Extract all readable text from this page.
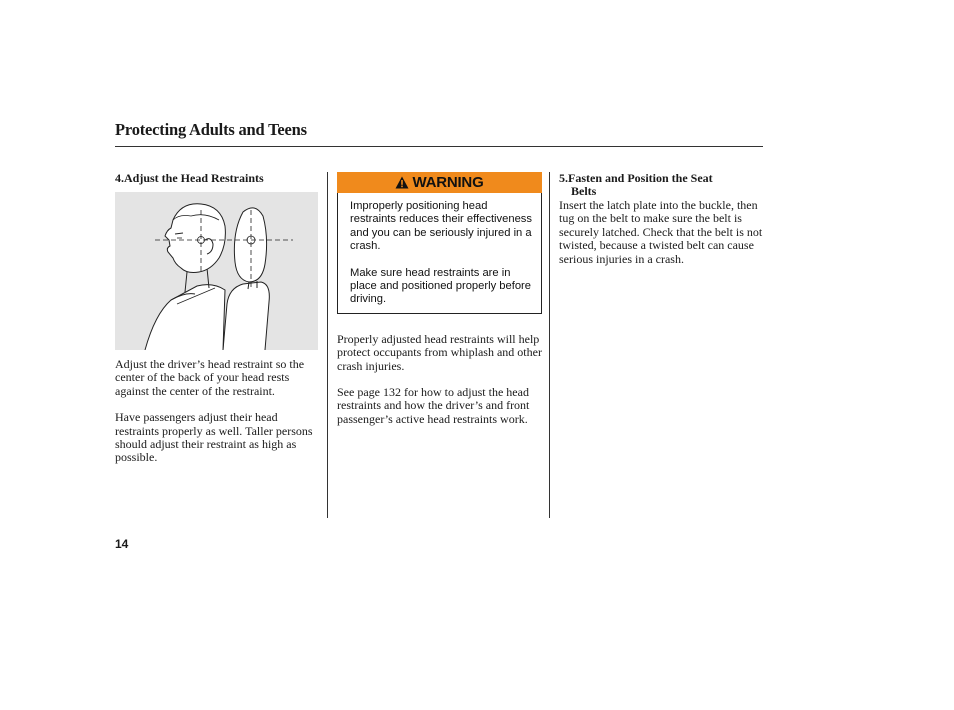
Protecting Adults and Teens

4.Adjust the Head Restraints

Adjust the driver’s head restraint so the center of the back of your head rests against the center of the restraint.

Have passengers adjust their head restraints properly as well. Taller persons should adjust their restraint as high as possible.

WARNING

Improperly positioning head restraints reduces their effectiveness and you can be seriously injured in a crash.

Make sure head restraints are in place and positioned properly before driving.

Properly adjusted head restraints will help protect occupants from whiplash and other crash injuries.

See page 132 for how to adjust the head restraints and how the driver’s and front passenger’s active head restraints work.

5.Fasten and Position the Seat
Belts

Insert the latch plate into the buckle, then tug on the belt to make sure the belt is securely latched. Check that the belt is not twisted, because a twisted belt can cause serious injuries in a crash.

14
